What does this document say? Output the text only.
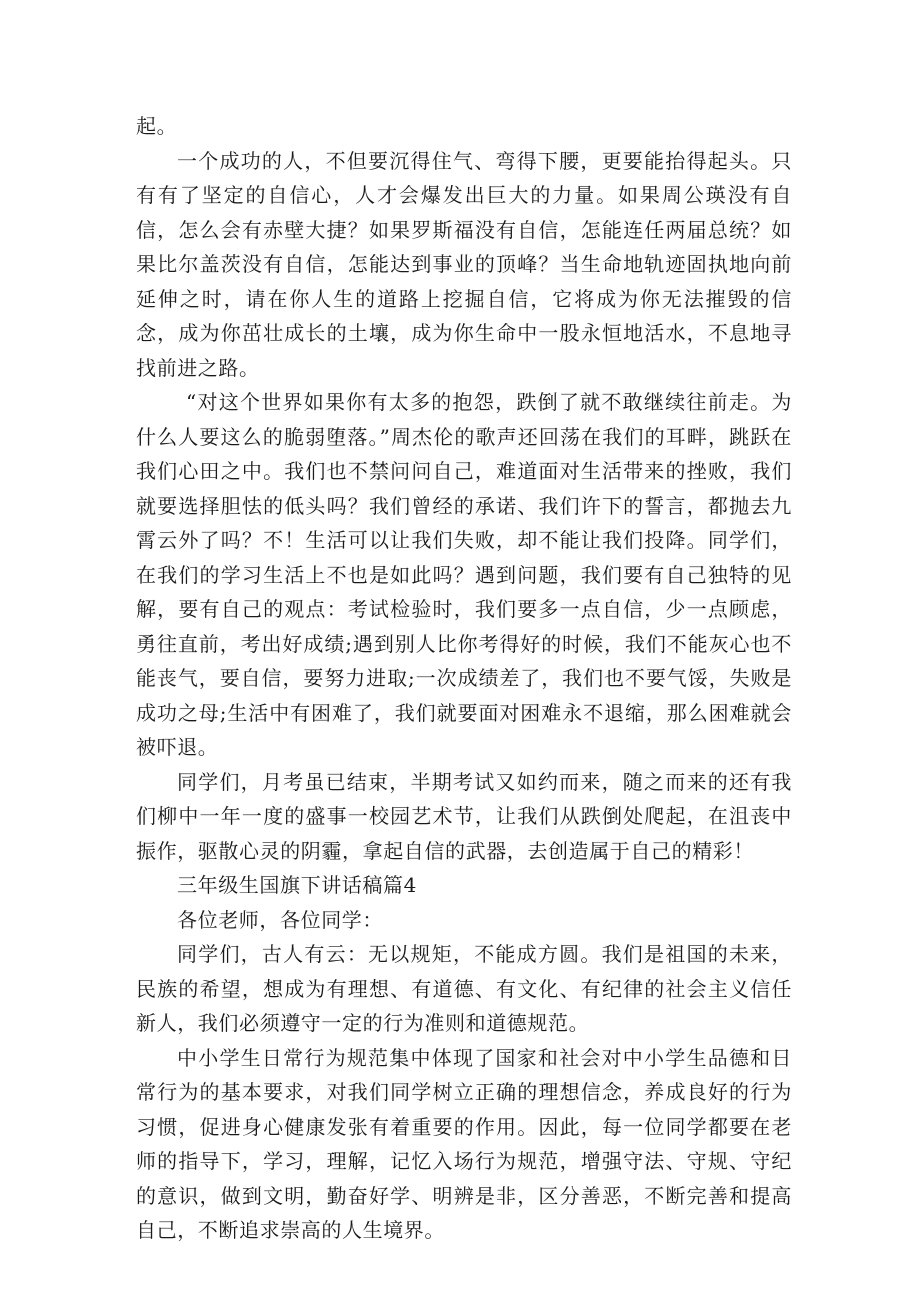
起。

一个成功的人，不但要沉得住气、弯得下腰，更要能抬得起头。只有有了坚定的自信心，人才会爆发出巨大的力量。如果周公瑛没有自信，怎么会有赤壁大捷？如果罗斯福没有自信，怎能连任两届总统？如果比尔盖茨没有自信，怎能达到事业的顶峰？当生命地轨迹固执地向前延伸之时，请在你人生的道路上挖掘自信，它将成为你无法摧毁的信念，成为你茁壮成长的土壤，成为你生命中一股永恒地活水，不息地寻找前进之路。

“对这个世界如果你有太多的抱怨，跌倒了就不敢继续往前走。为什么人要这么的脆弱堕落。”周杰伦的歌声还回荡在我们的耳畔，跳跃在我们心田之中。我们也不禁问问自己，难道面对生活带来的挫败，我们就要选择胆怯的低头吗？我们曾经的承诺、我们许下的誓言，都抛去九霄云外了吗？不！生活可以让我们失败，却不能让我们投降。同学们，在我们的学习生活上不也是如此吗？遇到问题，我们要有自己独特的见解，要有自己的观点：考试检验时，我们要多一点自信，少一点顾虑，勇往直前，考出好成绩;遇到别人比你考得好的时候，我们不能灰心也不能丧气，要自信，要努力进取;一次成绩差了，我们也不要气馁，失败是成功之母;生活中有困难了，我们就要面对困难永不退缩，那么困难就会被吓退。

同学们，月考虽已结束，半期考试又如约而来，随之而来的还有我们柳中一年一度的盛事一校园艺术节，让我们从跌倒处爬起，在沮丧中振作，驱散心灵的阴霾，拿起自信的武器，去创造属于自己的精彩！

三年级生国旗下讲话稿篇4

各位老师，各位同学：

同学们，古人有云：无以规矩，不能成方圆。我们是祖国的未来，民族的希望，想成为有理想、有道德、有文化、有纪律的社会主义信任新人，我们必须遵守一定的行为准则和道德规范。

中小学生日常行为规范集中体现了国家和社会对中小学生品德和日常行为的基本要求，对我们同学树立正确的理想信念，养成良好的行为习惯，促进身心健康发张有着重要的作用。因此，每一位同学都要在老师的指导下，学习，理解，记忆入场行为规范，增强守法、守规、守纪的意识，做到文明，勤奋好学、明辨是非，区分善恶，不断完善和提高自己，不断追求崇高的人生境界。
